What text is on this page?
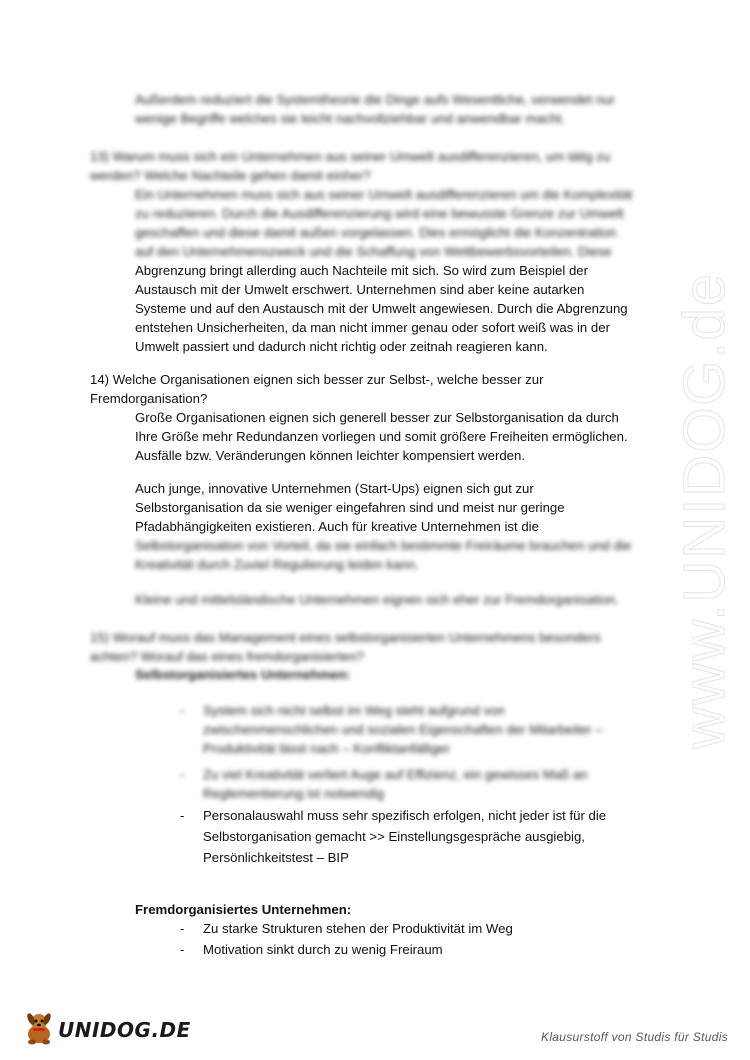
Außerdem reduziert die Systemtheorie die Dinge aufs Wesentliche, verwendet nur
wenige Begriffe welches sie leicht nachvollziehbar und anwendbar macht.
13) Warum muss sich ein Unternehmen aus seiner Umwelt ausdifferenzieren, um tätig zu
werden? Welche Nachteile gehen damit einher?
Ein Unternehmen muss sich aus seiner Umwelt ausdifferenzieren um die Komplexität
zu reduzieren. Durch die Ausdifferenzierung wird eine bewusste Grenze zur Umwelt
geschaffen und diese damit außen vorgelassen. Dies ermöglicht die Konzentration
auf den Unternehmenszweck und die Schaffung von Wettbewerbsvorteilen. Diese
Abgrenzung bringt allerding auch Nachteile mit sich. So wird zum Beispiel der
Austausch mit der Umwelt erschwert. Unternehmen sind aber keine autarken
Systeme und auf den Austausch mit der Umwelt angewiesen. Durch die Abgrenzung
entstehen Unsicherheiten, da man nicht immer genau oder sofort weiß was in der
Umwelt passiert und dadurch nicht richtig oder zeitnah reagieren kann.
14) Welche Organisationen eignen sich besser zur Selbst-, welche besser zur
Fremdorganisation?
Große Organisationen eignen sich generell besser zur Selbstorganisation da durch
Ihre Größe mehr Redundanzen vorliegen und somit größere Freiheiten ermöglichen.
Ausfälle bzw. Veränderungen können leichter kompensiert werden.
Auch junge, innovative Unternehmen (Start-Ups) eignen sich gut zur
Selbstorganisation da sie weniger eingefahren sind und meist nur geringe
Pfadabhängigkeiten existieren. Auch für kreative Unternehmen ist die
Selbstorganisation von Vorteil, da sie einfach bestimmte Freiräume brauchen und die
Kreativität durch Zuviel Regulierung leiden kann.
Kleine und mittelständische Unternehmen eignen sich eher zur Fremdorganisation.
15) Worauf muss das Management eines selbstorganisierten Unternehmens besonders
achten? Worauf das eines fremdorganisierten?
Selbstorganisiertes Unternehmen:
- System sich nicht selbst im Weg steht aufgrund von
zwischenmenschlichen und sozialen Eigenschaften der Mitarbeiter –
Produktivität lässt nach – Konfliktanfälliger
- Zu viel Kreativität verliert Auge auf Effizienz, ein gewisses Maß an
Reglementierung ist notwendig
- Personalauswahl muss sehr spezifisch erfolgen, nicht jeder ist für die
Selbstorganisation gemacht >> Einstellungsgespräche ausgiebig,
Persönlichkeitstest – BIP
Fremdorganisiertes Unternehmen:
- Zu starke Strukturen stehen der Produktivität im Weg
- Motivation sinkt durch zu wenig Freiraum
www.UNIDOG.de
UNIDOG.DE	Klausurstoff von Studis für Studis
